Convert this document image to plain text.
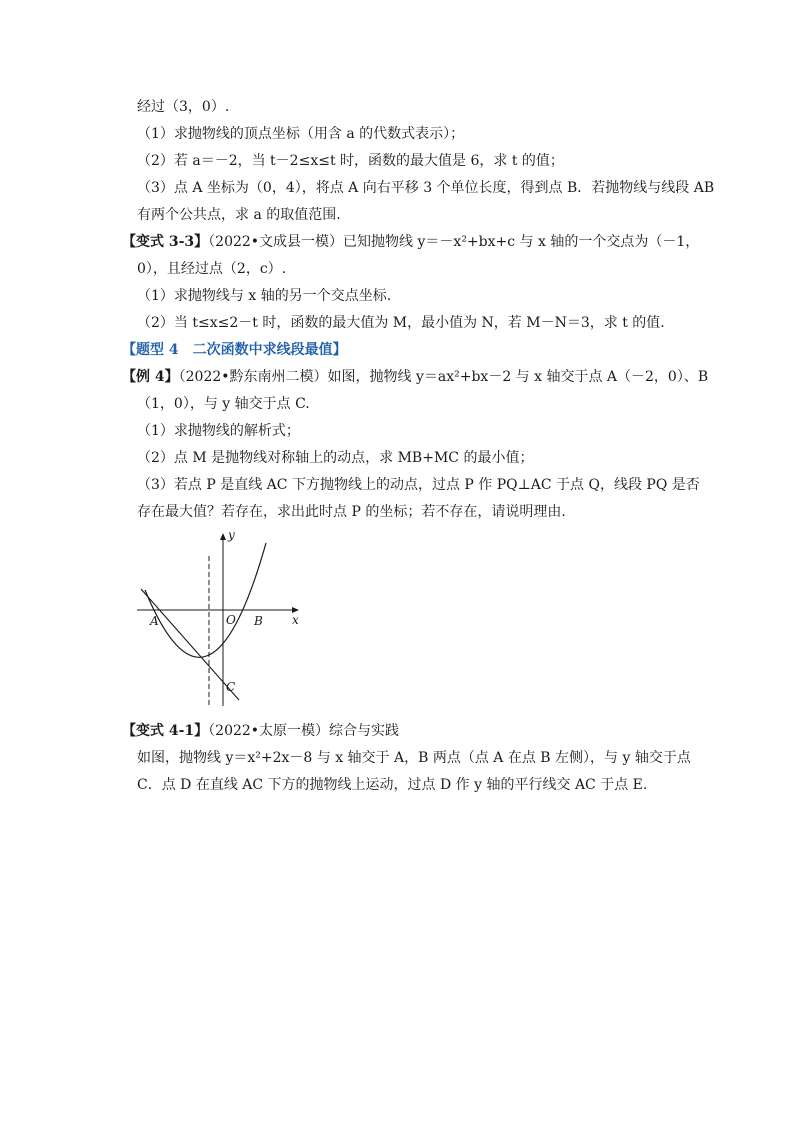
经过（3，0）.
（1）求抛物线的顶点坐标（用含 a 的代数式表示）；
（2）若 a＝－2，当 t－2≤x≤t 时，函数的最大值是 6，求 t 的值；
（3）点 A 坐标为（0，4），将点 A 向右平移 3 个单位长度，得到点 B．若抛物线与线段 AB
有两个公共点，求 a 的取值范围.
【变式 3-3】（2022•文成县一模）已知抛物线 y＝－x²+bx+c 与 x 轴的一个交点为（－1，
0），且经过点（2，c）.
（1）求抛物线与 x 轴的另一个交点坐标.
（2）当 t≤x≤2－t 时，函数的最大值为 M，最小值为 N，若 M－N＝3，求 t 的值.
【题型 4　二次函数中求线段最值】
【例 4】（2022•黔东南州二模）如图，抛物线 y＝ax²+bx－2 与 x 轴交于点 A（－2，0）、B
（1，0），与 y 轴交于点 C.
（1）求抛物线的解析式；
（2）点 M 是抛物线对称轴上的动点，求 MB+MC 的最小值；
（3）若点 P 是直线 AC 下方抛物线上的动点，过点 P 作 PQ⊥AC 于点 Q，线段 PQ 是否
存在最大值？若存在，求出此时点 P 的坐标；若不存在，请说明理由.
y
x
O
A	B
C
【变式 4-1】（2022•太原一模）综合与实践
如图，抛物线 y＝x²+2x－8 与 x 轴交于 A，B 两点（点 A 在点 B 左侧），与 y 轴交于点
C．点 D 在直线 AC 下方的抛物线上运动，过点 D 作 y 轴的平行线交 AC 于点 E.
